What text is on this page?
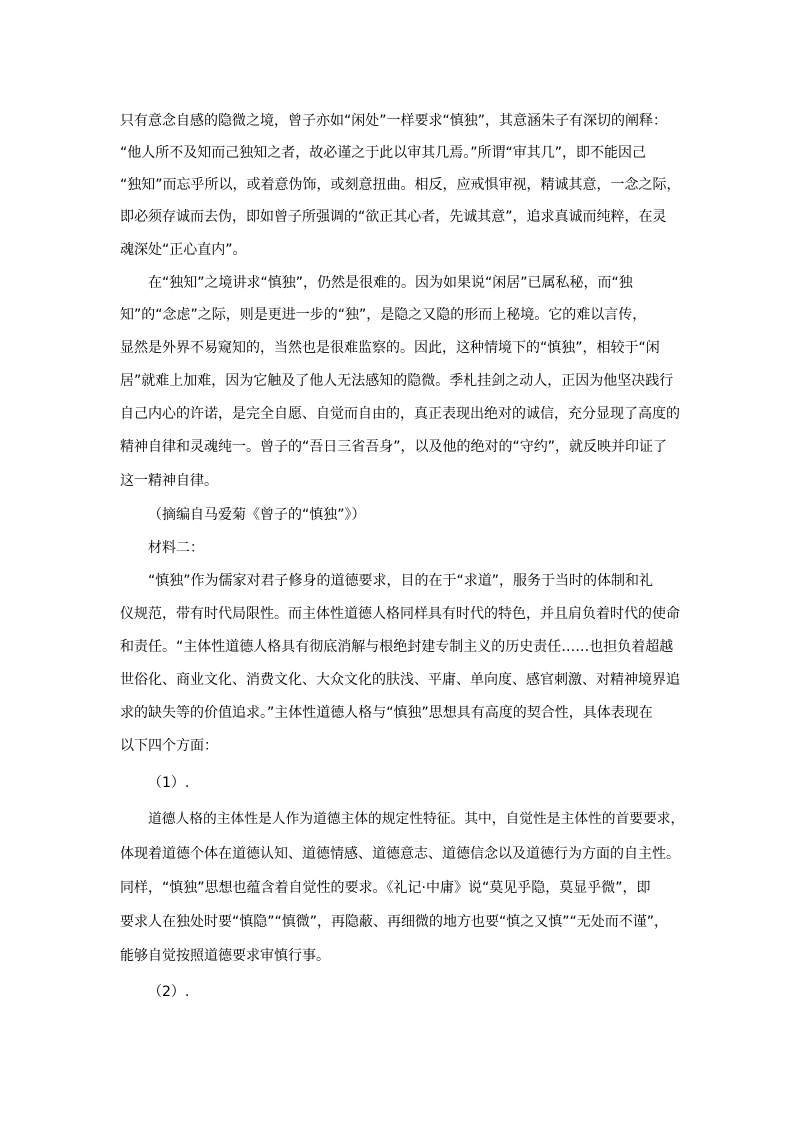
只有意念自感的隐微之境，曾子亦如“闲处”一样要求“慎独”，其意涵朱子有深切的阐释：
“他人所不及知而己独知之者，故必谨之于此以审其几焉。”所谓“审其几”，即不能因己
“独知”而忘乎所以，或着意伪饰，或刻意扭曲。相反，应戒惧审视，精诚其意，一念之际，
即必须存诚而去伪，即如曾子所强调的“欲正其心者，先诚其意”，追求真诚而纯粹，在灵
魂深处“正心直内”。
在“独知”之境讲求“慎独”，仍然是很难的。因为如果说“闲居”已属私秘，而“独
知”的“念虑”之际，则是更进一步的“独”，是隐之又隐的形而上秘境。它的难以言传，
显然是外界不易窥知的，当然也是很难监察的。因此，这种情境下的“慎独”，相较于“闲
居”就难上加难，因为它触及了他人无法感知的隐微。季札挂剑之动人，正因为他坚决践行
自己内心的许诺，是完全自愿、自觉而自由的，真正表现出绝对的诚信，充分显现了高度的
精神自律和灵魂纯一。曾子的“吾日三省吾身”，以及他的绝对的“守约”，就反映并印证了
这一精神自律。
（摘编自马爱菊《曾子的“慎独”》）
材料二：
“慎独”作为儒家对君子修身的道德要求，目的在于“求道”，服务于当时的体制和礼
仪规范，带有时代局限性。而主体性道德人格同样具有时代的特色，并且肩负着时代的使命
和责任。“主体性道德人格具有彻底消解与根绝封建专制主义的历史责任……也担负着超越
世俗化、商业文化、消费文化、大众文化的肤浅、平庸、单向度、感官刺激、对精神境界追
求的缺失等的价值追求。”主体性道德人格与“慎独”思想具有高度的契合性，具体表现在
以下四个方面：
（1）.
道德人格的主体性是人作为道德主体的规定性特征。其中，自觉性是主体性的首要要求，
体现着道德个体在道德认知、道德情感、道德意志、道德信念以及道德行为方面的自主性。
同样，“慎独”思想也蕴含着自觉性的要求。《礼记·中庸》说“莫见乎隐，莫显乎微”，即
要求人在独处时要“慎隐”“慎微”，再隐蔽、再细微的地方也要“慎之又慎”“无处而不谨”，
能够自觉按照道德要求审慎行事。
（2）.
